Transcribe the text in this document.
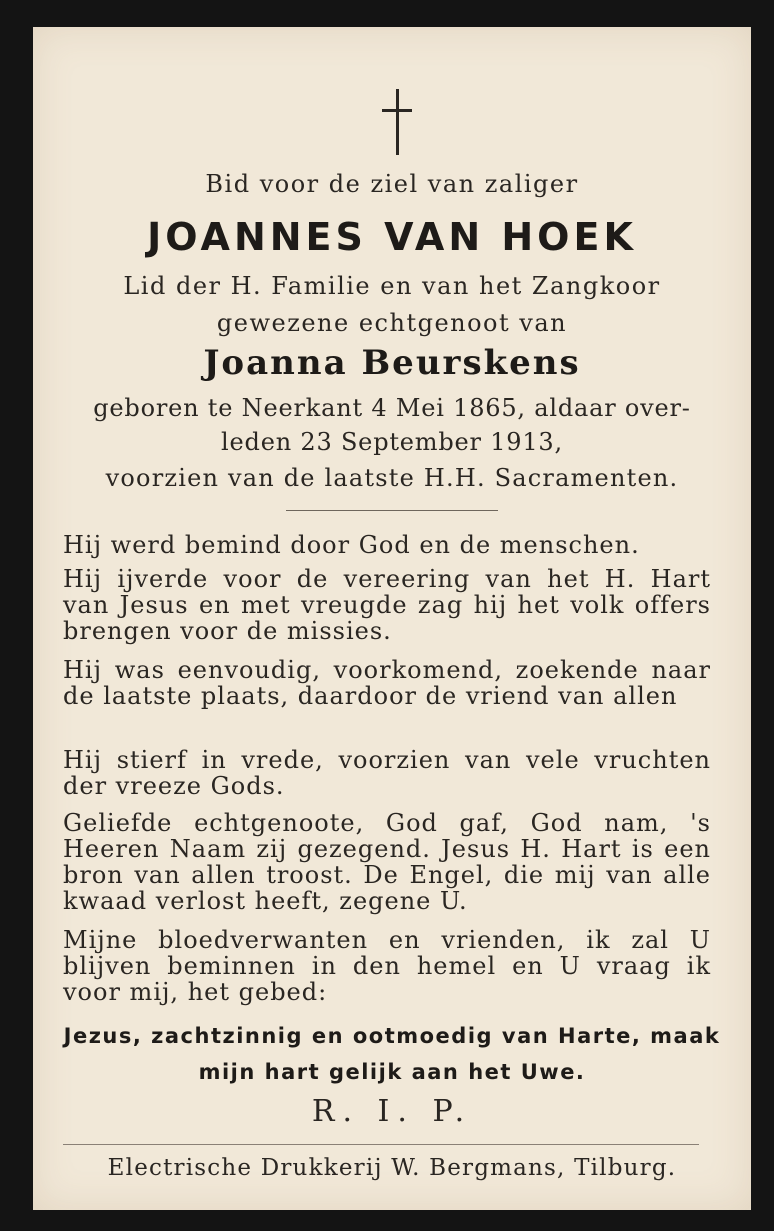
Bid voor de ziel van zaliger
JOANNES VAN HOEK
Lid der H. Familie en van het Zangkoor
gewezene echtgenoot van
Joanna Beurskens
geboren te Neerkant 4 Mei 1865, aldaar over-
leden 23 September 1913,
voorzien van de laatste H.H. Sacramenten.
Hij werd bemind door God en de menschen.
Hij ijverde voor de vereering van het H. Hart van Jesus en met vreugde zag hij het volk offers brengen voor de missies.
Hij was eenvoudig, voorkomend, zoekende naar de laatste plaats, daardoor de vriend van allen
Hij stierf in vrede, voorzien van vele vruchten der vreeze Gods.
Geliefde echtgenoote, God gaf, God nam, 's Heeren Naam zij gezegend. Jesus H. Hart is een bron van allen troost. De Engel, die mij van alle kwaad verlost heeft, zegene U.
Mijne bloedverwanten en vrienden, ik zal U blijven beminnen in den hemel en U vraag ik voor mij, het gebed:
Jezus, zachtzinnig en ootmoedig van Harte, maak
mijn hart gelijk aan het Uwe.
R. I. P.
Electrische Drukkerij W. Bergmans, Tilburg.
